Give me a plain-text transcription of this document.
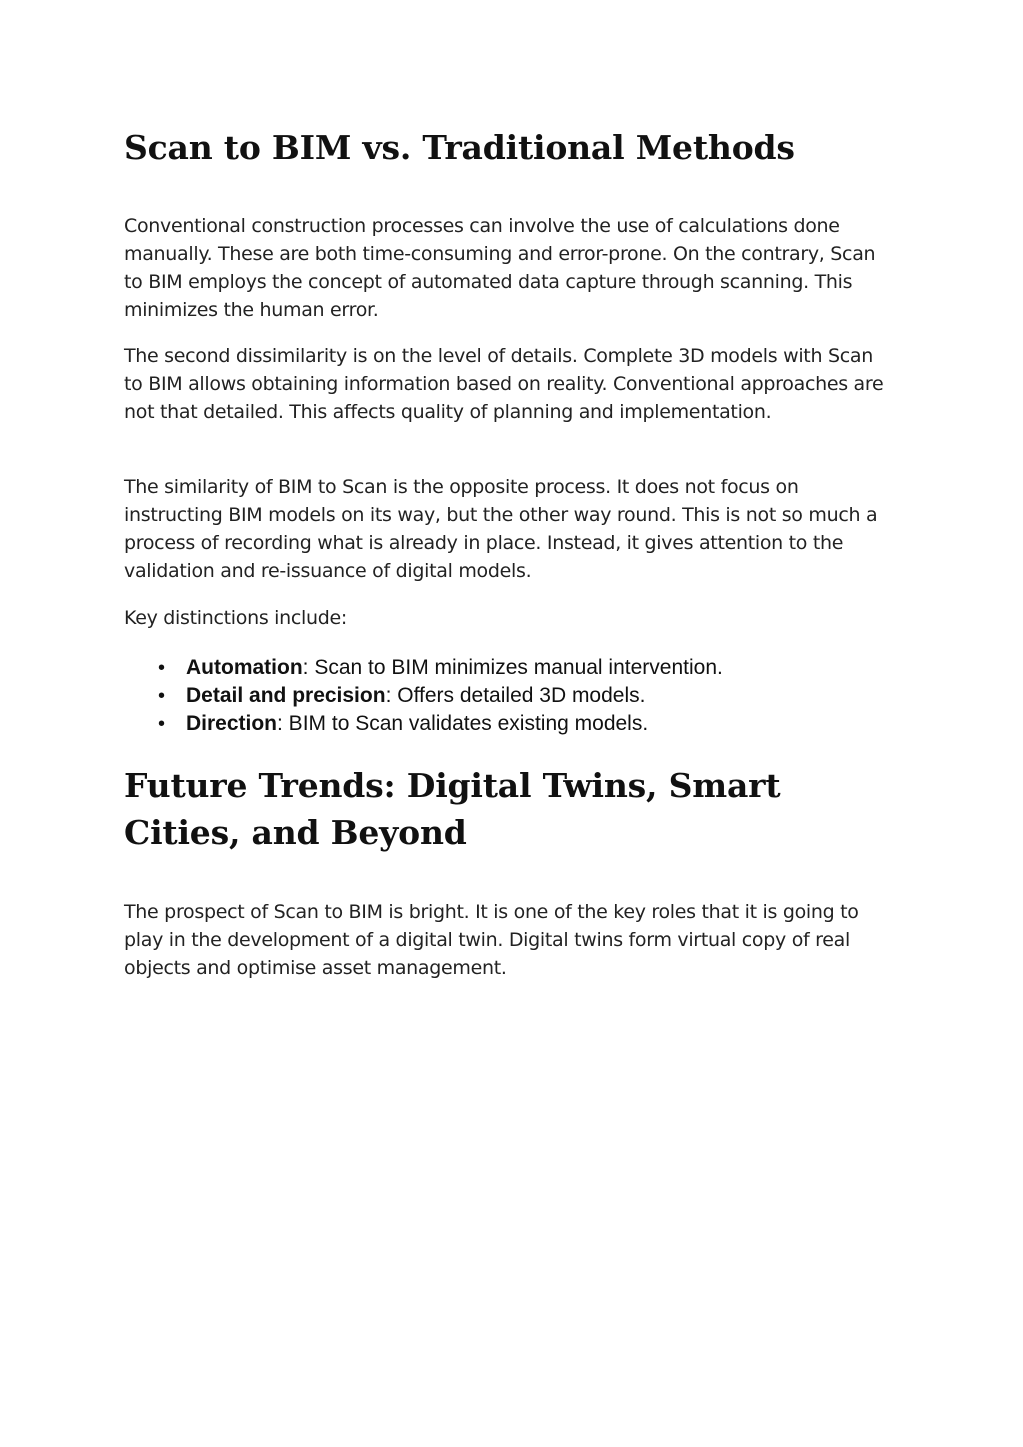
Scan to BIM vs. Traditional Methods

Conventional construction processes can involve the use of calculations done manually. These are both time-consuming and error-prone. On the contrary, Scan to BIM employs the concept of automated data capture through scanning. This minimizes the human error.

The second dissimilarity is on the level of details. Complete 3D models with Scan to BIM allows obtaining information based on reality. Conventional approaches are not that detailed. This affects quality of planning and implementation.

The similarity of BIM to Scan is the opposite process. It does not focus on instructing BIM models on its way, but the other way round. This is not so much a process of recording what is already in place. Instead, it gives attention to the validation and re-issuance of digital models.

Key distinctions include:

• Automation: Scan to BIM minimizes manual intervention.
• Detail and precision: Offers detailed 3D models.
• Direction: BIM to Scan validates existing models.
Future Trends: Digital Twins, Smart Cities, and Beyond

The prospect of Scan to BIM is bright. It is one of the key roles that it is going to play in the development of a digital twin. Digital twins form virtual copy of real objects and optimise asset management.
